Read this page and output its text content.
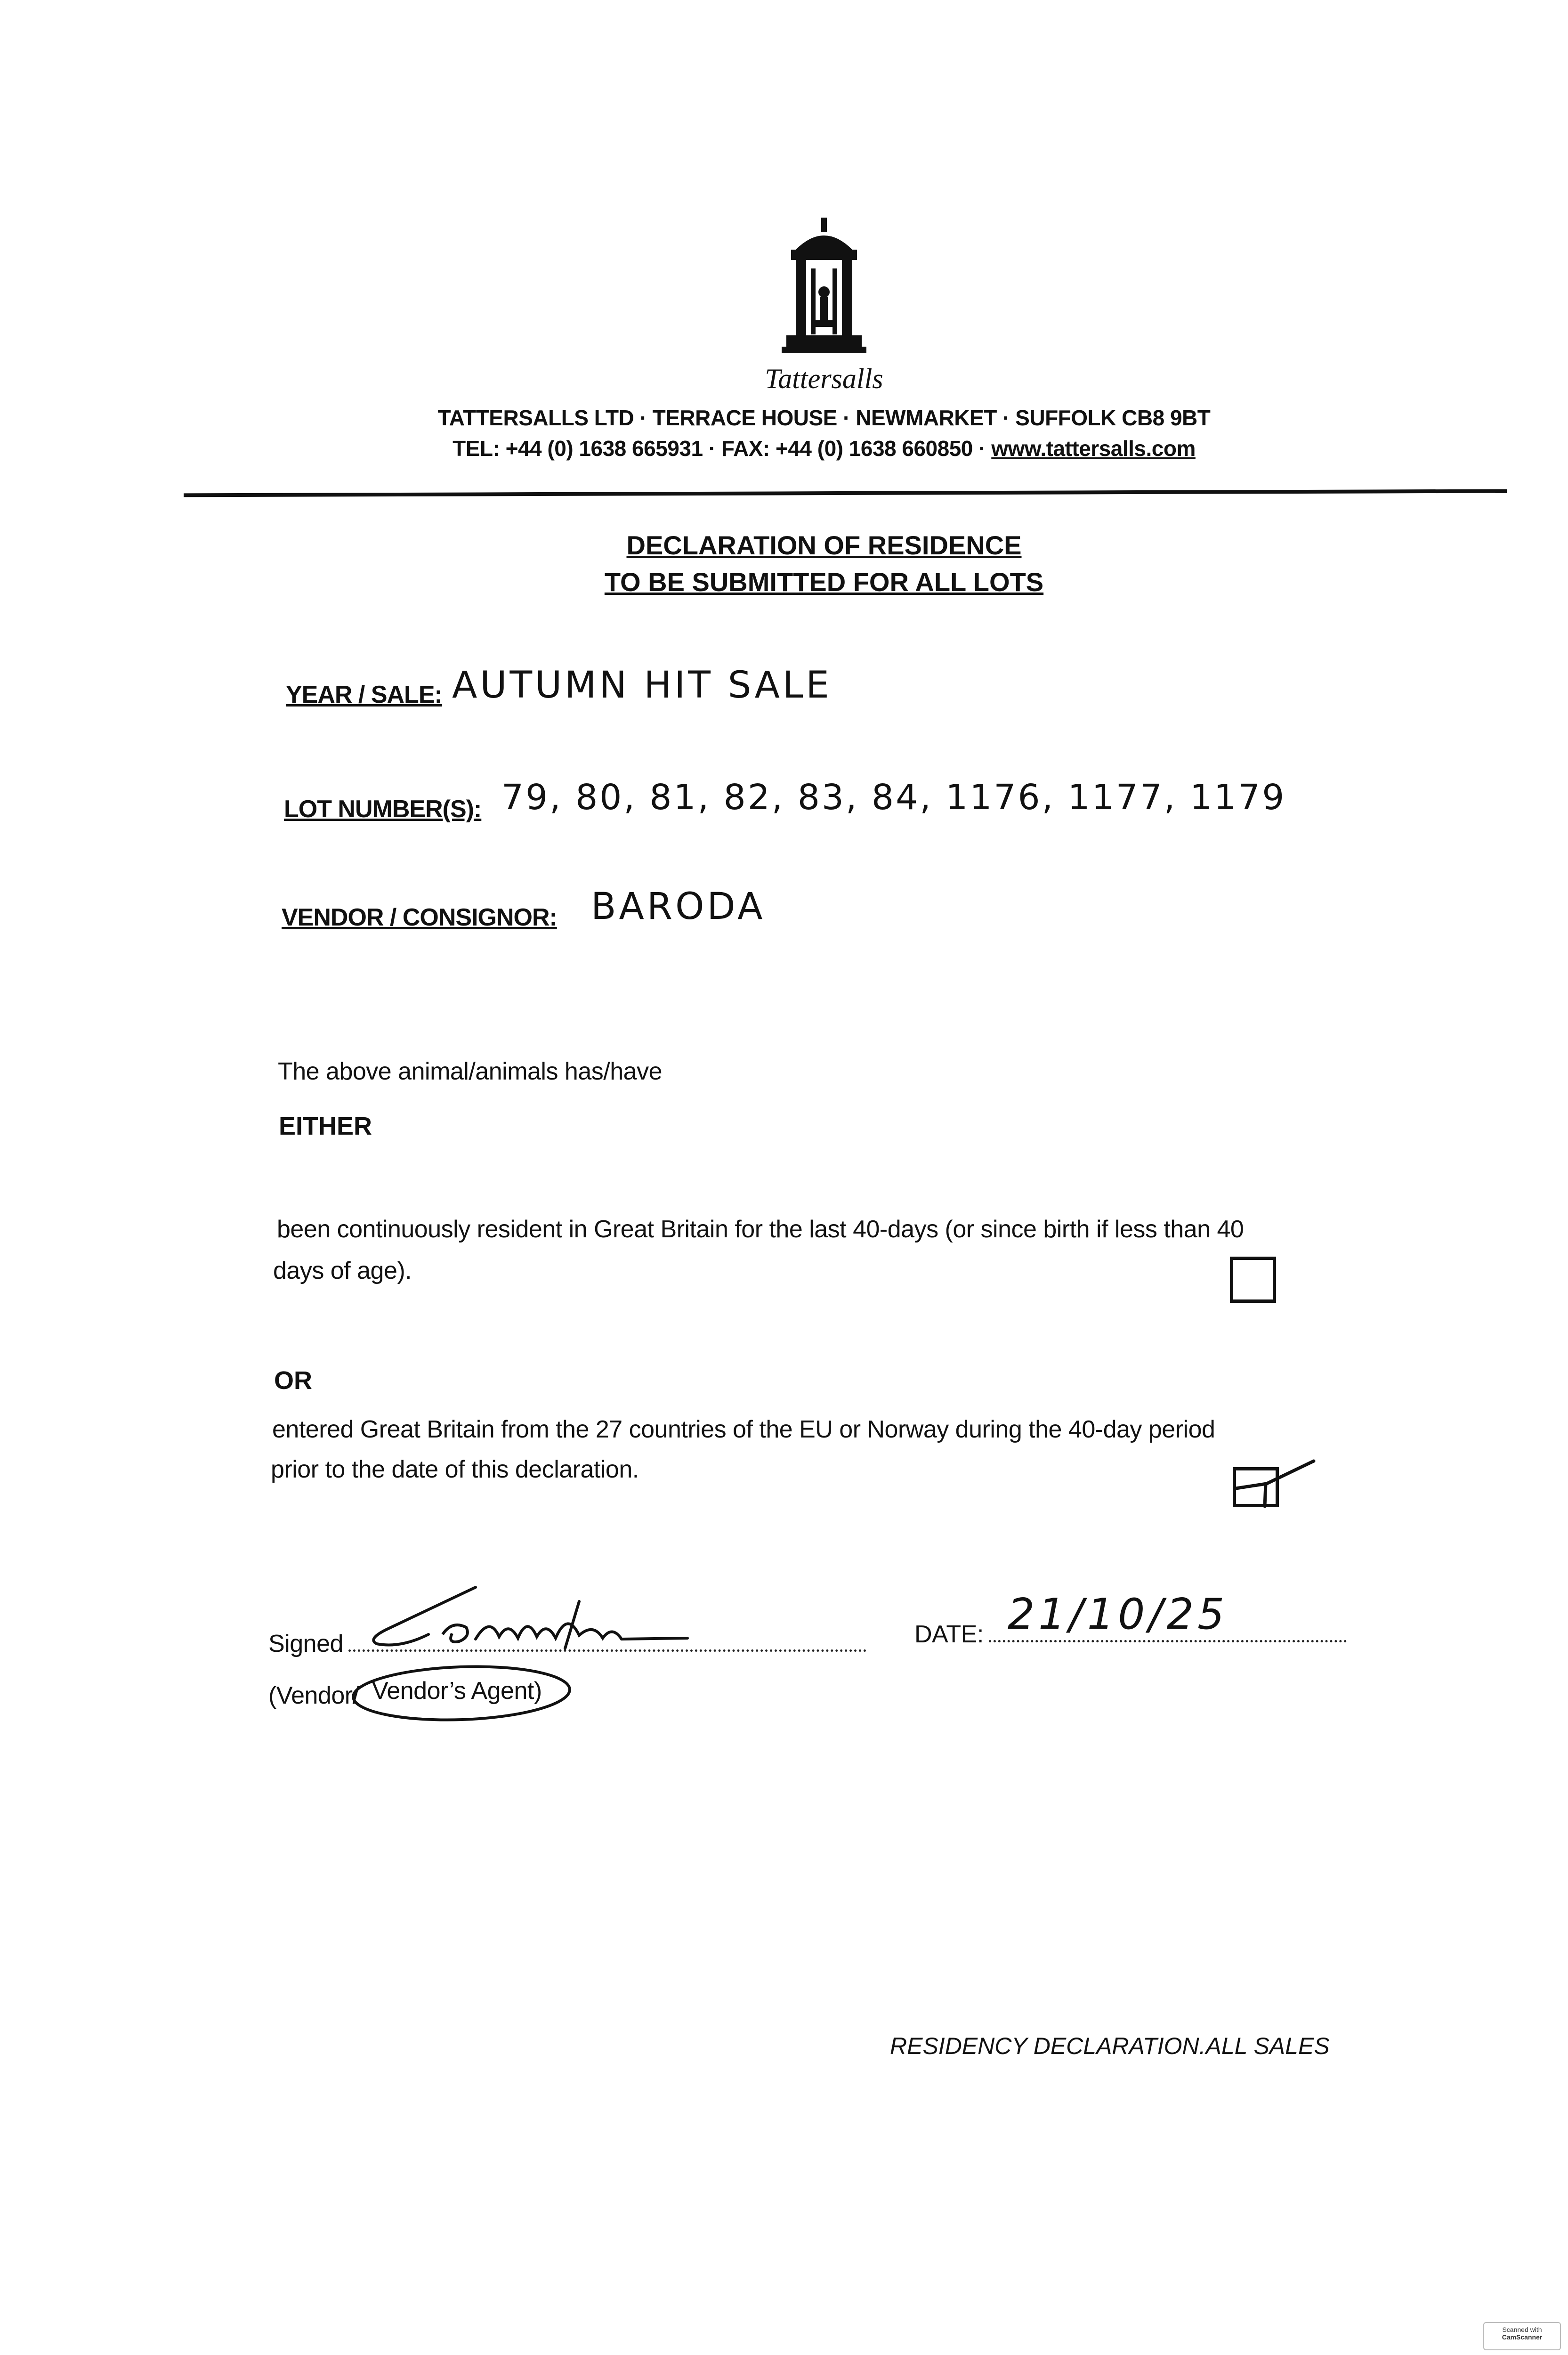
Tattersalls
TATTERSALLS LTD · TERRACE HOUSE · NEWMARKET · SUFFOLK CB8 9BT
TEL: +44 (0) 1638 665931 · FAX: +44 (0) 1638 660850 · www.tattersalls.com
DECLARATION OF RESIDENCE
TO BE SUBMITTED FOR ALL LOTS
YEAR / SALE: AUTUMN HIT SALE
LOT NUMBER(S): 79, 80, 81, 82, 83, 84, 1176, 1177, 1179
VENDOR / CONSIGNOR: BARODA
The above animal/animals has/have
EITHER
been continuously resident in Great Britain for the last 40-days (or since birth if less than 40
days of age).
OR
entered Great Britain from the 27 countries of the EU or Norway during the 40-day period
prior to the date of this declaration.
Signed	DATE: 21/10/25
(Vendor/ Vendor’s Agent)
RESIDENCY DECLARATION.ALL SALES
Scanned with
CamScanner
